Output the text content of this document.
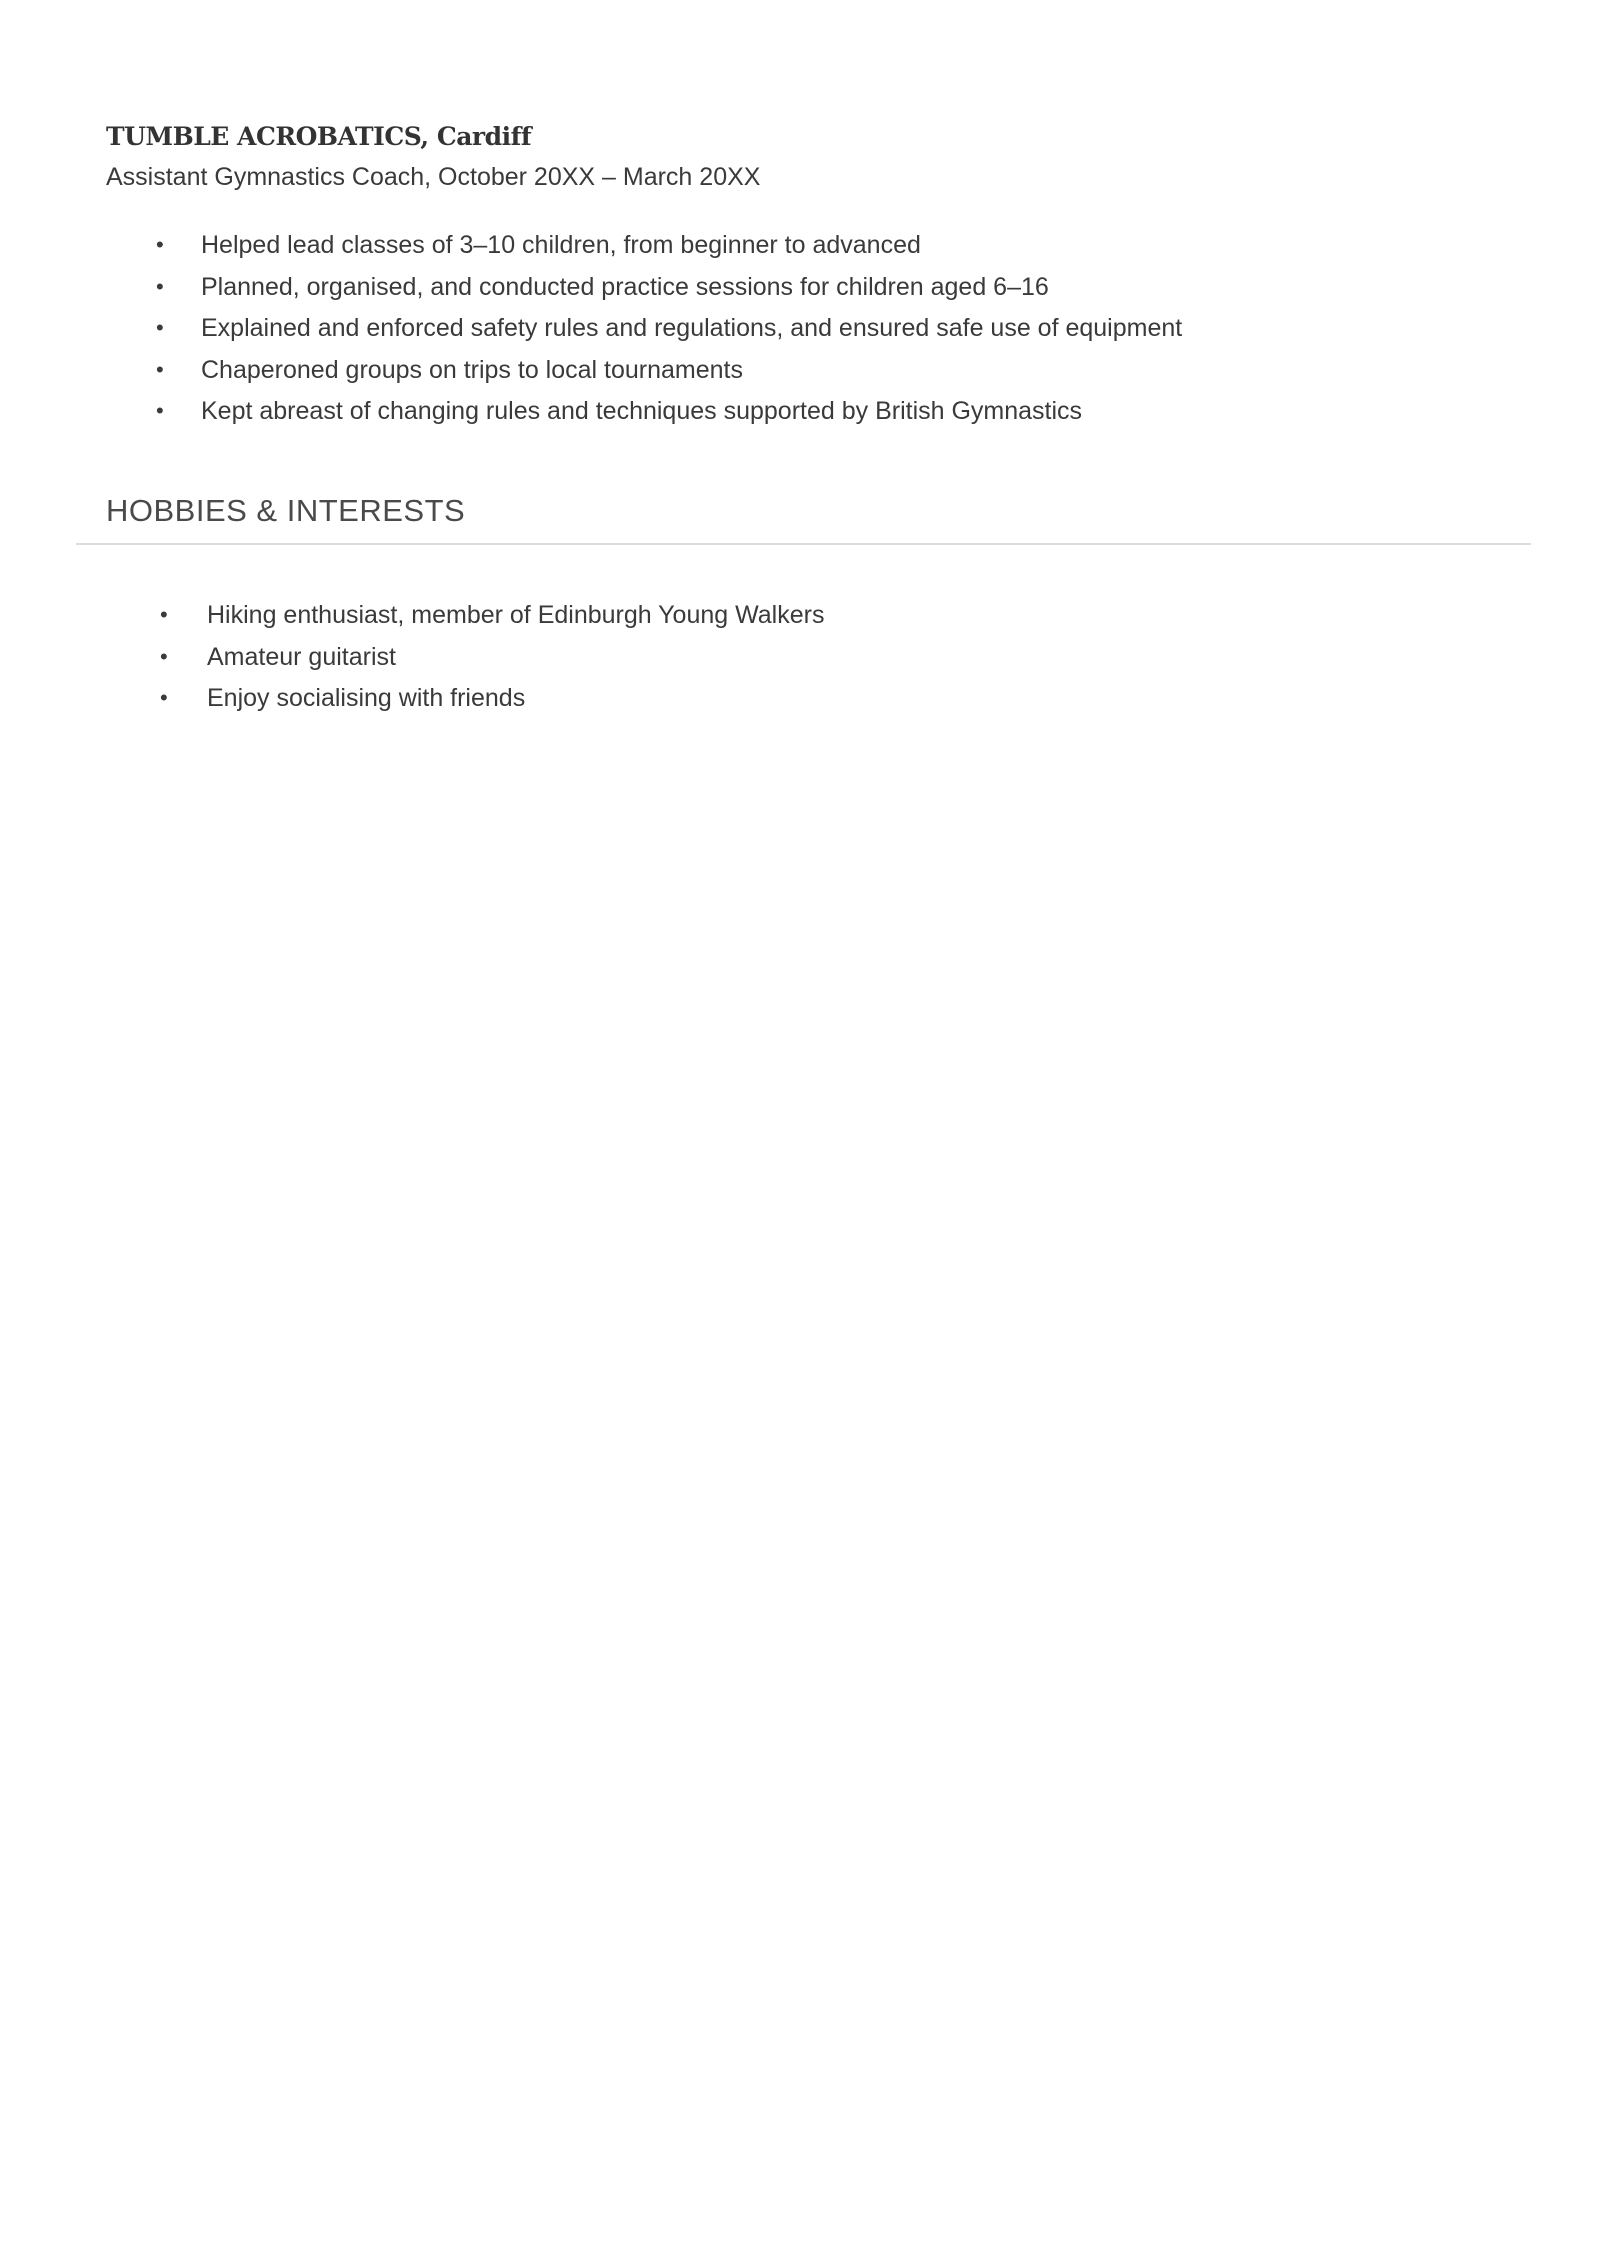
TUMBLE ACROBATICS, Cardiff
Assistant Gymnastics Coach, October 20XX – March 20XX
• Helped lead classes of 3–10 children, from beginner to advanced
• Planned, organised, and conducted practice sessions for children aged 6–16
• Explained and enforced safety rules and regulations, and ensured safe use of equipment
• Chaperoned groups on trips to local tournaments
• Kept abreast of changing rules and techniques supported by British Gymnastics
HOBBIES & INTERESTS
• Hiking enthusiast, member of Edinburgh Young Walkers
• Amateur guitarist
• Enjoy socialising with friends
